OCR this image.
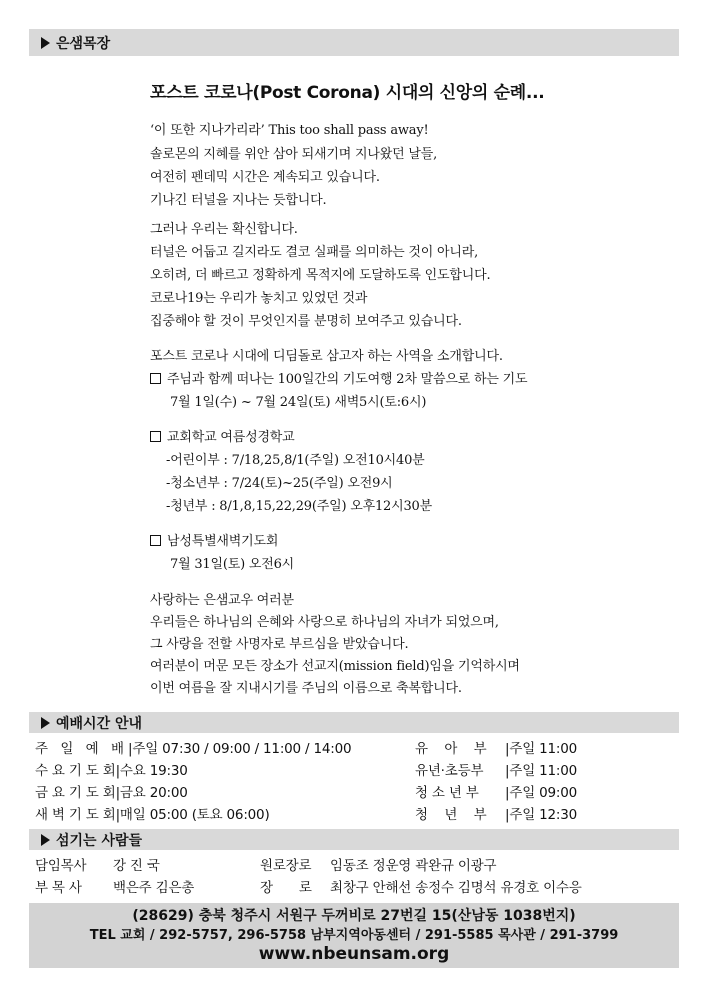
은샘목장
포스트 코로나(Post Corona) 시대의 신앙의 순례...
‘이 또한 지나가리라’ This too shall pass away!
솔로몬의 지혜를 위안 삼아 되새기며 지나왔던 날들,
여전히 펜데믹 시간은 계속되고 있습니다.
기나긴 터널을 지나는 듯합니다.
그러나 우리는 확신합니다.
터널은 어둡고 길지라도 결코 실패를 의미하는 것이 아니라,
오히려, 더 빠르고 정확하게 목적지에 도달하도록 인도합니다.
코로나19는 우리가 놓치고 있었던 것과
집중해야 할 것이 무엇인지를 분명히 보여주고 있습니다.
포스트 코로나 시대에 디딤돌로 삼고자 하는 사역을 소개합니다.
주님과 함께 떠나는 100일간의 기도여행 2차 말씀으로 하는 기도
7월 1일(수) ~ 7월 24일(토) 새벽5시(토:6시)
교회학교 여름성경학교
-어린이부 : 7/18,25,8/1(주일) 오전10시40분
-청소년부 : 7/24(토)~25(주일) 오전9시
-청년부 : 8/1,8,15,22,29(주일) 오후12시30분
남성특별새벽기도회
7월 31일(토) 오전6시
사랑하는 은샘교우 여러분
우리들은 하나님의 은혜와 사랑으로 하나님의 자녀가 되었으며,
그 사랑을 전할 사명자로 부르심을 받았습니다.
여러분이 머문 모든 장소가 선교지(mission field)임을 기억하시며
이번 여름을 잘 지내시기를 주님의 이름으로 축복합니다.
예배시간 안내
주 일 예 배|주일 07:30 / 09:00 / 11:00 / 14:00
수 요 기 도 회|수요 19:30
금 요 기 도 회|금요 20:00
새 벽 기 도 회|매일 05:00 (토요 06:00)
유 아 부 |주일 11:00
유년·초등부 |주일 11:00
청 소 년 부 |주일 09:00
청 년 부 |주일 12:30
섬기는 사람들
담임목사 강 진 국
부 목 사 백은주 김은총
원로장로 임동조 정운영 곽완규 이광구
장 로 최창구 안해선 송정수 김명석 유경호 이수응
(28629) 충북 청주시 서원구 두꺼비로 27번길 15(산남동 1038번지)
TEL 교회 / 292-5757, 296-5758 남부지역아동센터 / 291-5585 목사관 / 291-3799
www.nbeunsam.org
